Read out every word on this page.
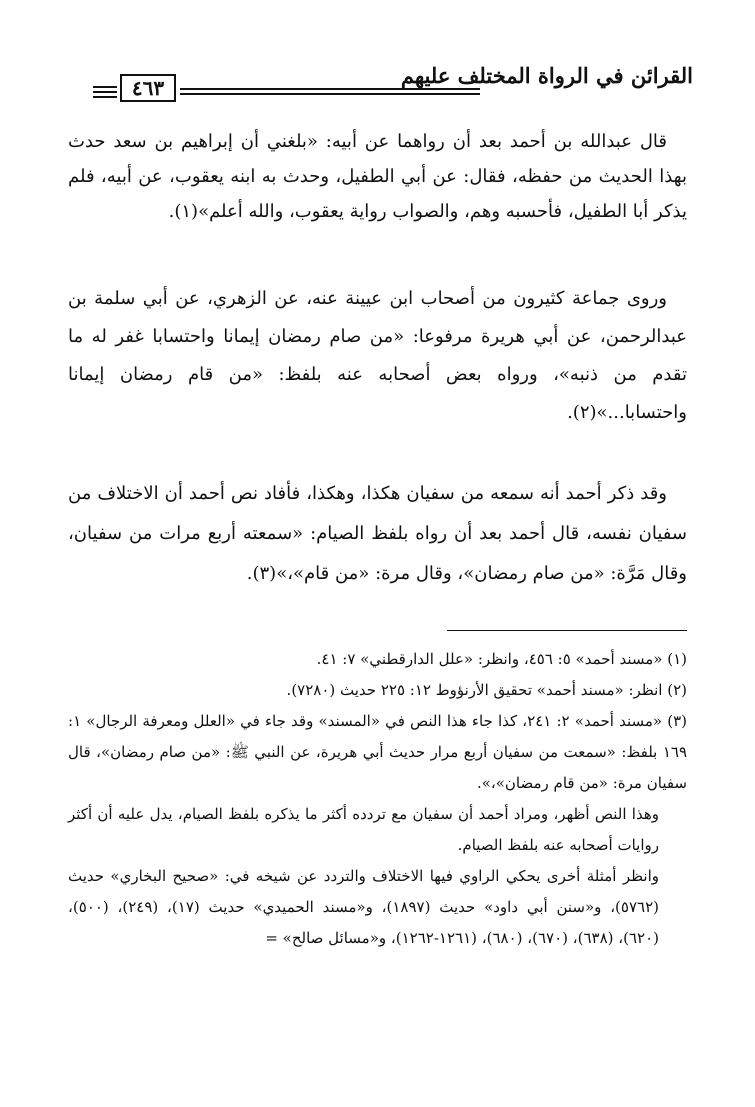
القرائن في الرواة المختلف عليهم
٤٦٣

قال عبدالله بن أحمد بعد أن رواهما عن أبيه: «بلغني أن إبراهيم بن سعد حدث بهذا الحديث من حفظه، فقال: عن أبي الطفيل، وحدث به ابنه يعقوب، عن أبيه، فلم يذكر أبا الطفيل، فأحسبه وهم، والصواب رواية يعقوب، والله أعلم»(١).

وروى جماعة كثيرون من أصحاب ابن عيينة عنه، عن الزهري، عن أبي سلمة بن عبدالرحمن، عن أبي هريرة مرفوعا: «من صام رمضان إيمانا واحتسابا غفر له ما تقدم من ذنبه»، ورواه بعض أصحابه عنه بلفظ: «من قام رمضان إيمانا واحتسابا...»(٢).

وقد ذكر أحمد أنه سمعه من سفيان هكذا، وهكذا، فأفاد نص أحمد أن الاختلاف من سفيان نفسه، قال أحمد بعد أن رواه بلفظ الصيام: «سمعته أربع مرات من سفيان، وقال مَرَّة: «من صام رمضان»، وقال مرة: «من قام»،»(٣).

(١) «مسند أحمد» ٥: ٤٥٦، وانظر: «علل الدارقطني» ٧: ٤١.

(٢) انظر: «مسند أحمد» تحقيق الأرنؤوط ١٢: ٢٢٥ حديث (٧٢٨٠).

(٣) «مسند أحمد» ٢: ٢٤١، كذا جاء هذا النص في «المسند» وقد جاء في «العلل ومعرفة الرجال» ١: ١٦٩ بلفظ: «سمعت من سفيان أربع مرار حديث أبي هريرة، عن النبي ﷺ: «من صام رمضان»، قال سفيان مرة: «من قام رمضان»،».

وهذا النص أظهر، ومراد أحمد أن سفيان مع تردده أكثر ما يذكره بلفظ الصيام، يدل عليه أن أكثر روايات أصحابه عنه بلفظ الصيام.

وانظر أمثلة أخرى يحكي الراوي فيها الاختلاف والتردد عن شيخه في: «صحيح البخاري» حديث (٥٧٦٢)، و«سنن أبي داود» حديث (١٨٩٧)، و«مسند الحميدي» حديث (١٧)، (٢٤٩)، (٥٠٠)، (٦٢٠)، (٦٣٨)، (٦٧٠)، (٦٨٠)، (١٢٦١-١٢٦٢)، و«مسائل صالح» =
